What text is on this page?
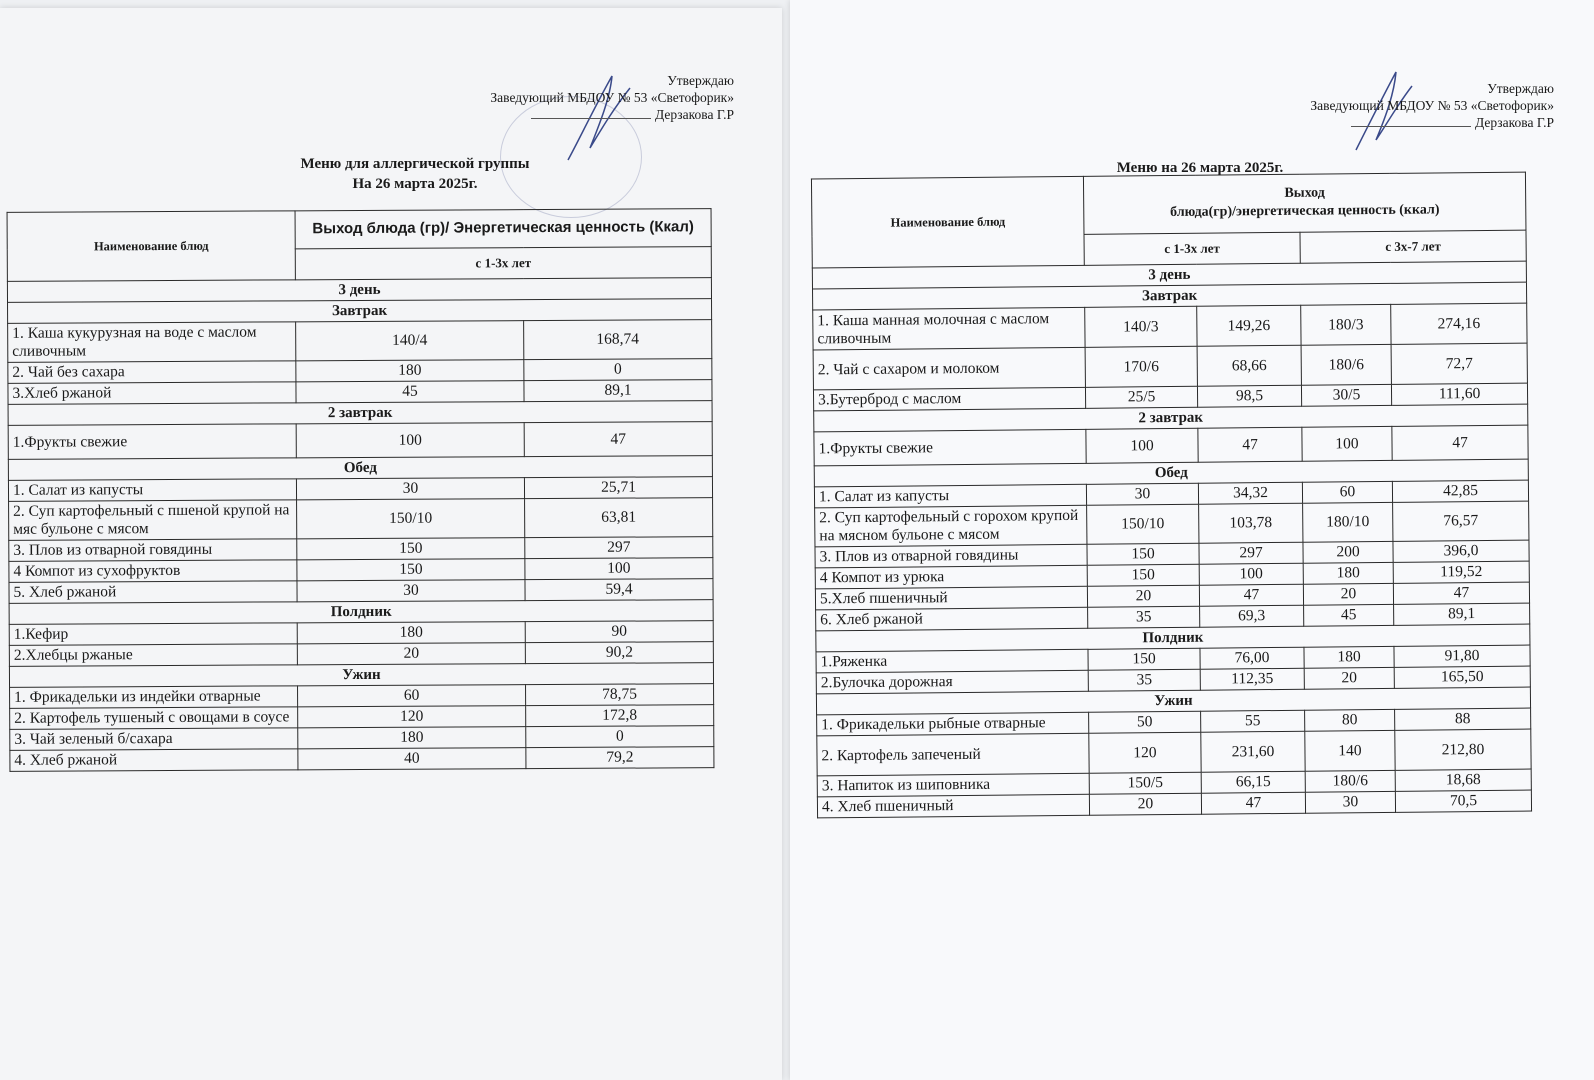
Утверждаю
Заведующий МБДОУ № 53 «Светофорик»
Дерзакова Г.Р
Меню для аллергической группы
На 26 марта 2025г.
Наименование блюд	Выход блюда (гр)/ Энергетическая ценность (Ккал)	
	с 1-3х лет	
3 день		
Завтрак		
1. Каша кукурузная на воде с маслом сливочным	140/4	168,74
2. Чай без сахара	180	0
3.Хлеб ржаной	45	89,1
2 завтрак		
1.Фрукты свежие	100	47
Обед		
1. Салат из капусты	30	25,71
2. Суп картофельный с пшеной крупой на мяс бульоне с мясом	150/10	63,81
3. Плов из отварной говядины	150	297
4 Компот из сухофруктов	150	100
5. Хлеб ржаной	30	59,4
Полдник		
1.Кефир	180	90
2.Хлебцы ржаные	20	90,2
Ужин		
1. Фрикадельки из индейки отварные	60	78,75
2. Картофель тушеный с овощами в соусе	120	172,8
3. Чай зеленый б/сахара	180	0
4. Хлеб ржаной	40	79,2
Утверждаю
Заведующий МБДОУ № 53 «Светофорик»
Дерзакова Г.Р
Меню на 26 марта 2025г.
Наименование блюд	Выход
блюда(гр)/энергетическая ценность (ккал)			

	с 1-3х лет		с 3х-7 лет	
3 день				
Завтрак				
1. Каша манная молочная с маслом сливочным	140/3	149,26	180/3	274,16
2. Чай с сахаром и молоком	170/6	68,66	180/6	72,7
3.Бутерброд с маслом	25/5	98,5	30/5	111,60
2 завтрак				
1.Фрукты свежие	100	47	100	47
Обед				
1. Салат из капусты	30	34,32	60	42,85
2. Суп картофельный с горохом крупой на мясном бульоне с мясом	150/10	103,78	180/10	76,57
3. Плов из отварной говядины	150	297	200	396,0
4 Компот из урюка	150	100	180	119,52
5.Хлеб пшеничный	20	47	20	47
6. Хлеб ржаной	35	69,3	45	89,1
Полдник				
1.Ряженка	150	76,00	180	91,80
2.Булочка дорожная	35	112,35	20	165,50
Ужин				
1. Фрикадельки рыбные отварные	50	55	80	88
2. Картофель запеченый	120	231,60	140	212,80
3. Напиток из шиповника	150/5	66,15	180/6	18,68
4. Хлеб пшеничный	20	47	30	70,5
